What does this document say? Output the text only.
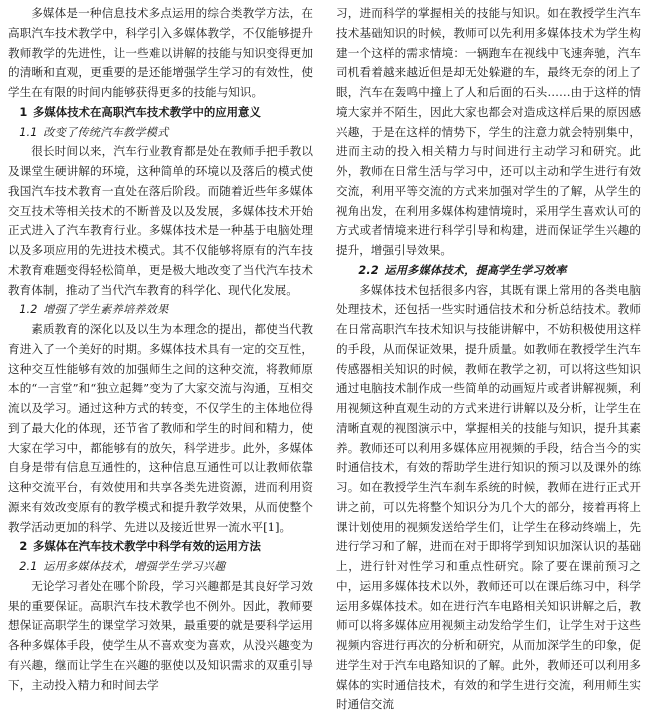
多媒体是一种信息技术多点运用的综合类教学方法，在高职汽车技术教学中，科学引入多媒体教学，不仅能够提升教师教学的先进性，让一些难以讲解的技能与知识变得更加的清晰和直观，更重要的是还能增强学生学习的有效性，使学生在有限的时间内能够获得更多的技能与知识。

1 多媒体技术在高职汽车技术教学中的应用意义
1.1 改变了传统汽车教学模式

很长时间以来，汽车行业教育都是处在教师手把手教以及课堂生硬讲解的环境，这种简单的环境以及落后的模式使我国汽车技术教育一直处在落后阶段。而随着近些年多媒体交互技术等相关技术的不断普及以及发展，多媒体技术开始正式进入了汽车教育行业。多媒体技术是一种基于电脑处理以及多项应用的先进技术模式。其不仅能够将原有的汽车技术教育难题变得轻松简单，更是极大地改变了当代汽车技术教育体制，推动了当代汽车教育的科学化、现代化发展。

1.2 增强了学生素养培养效果

素质教育的深化以及以生为本理念的提出，都使当代教育进入了一个美好的时期。多媒体技术具有一定的交互性，这种交互性能够有效的加强师生之间的这种交流，将教师原本的“一言堂”和“独立起舞”变为了大家交流与沟通，互相交流以及学习。通过这种方式的转变，不仅学生的主体地位得到了最大化的体现，还节省了教师和学生的时间和精力，使大家在学习中，都能够有的放矢，科学进步。此外，多媒体自身是带有信息互通性的，这种信息互通性可以让教师依靠这种交流平台，有效使用和共享各类先进资源，进而利用资源来有效改变原有的教学模式和提升教学效果，从而使整个教学活动更加的科学、先进以及接近世界一流水平[1]。

2 多媒体在汽车技术教学中科学有效的运用方法
2.1 运用多媒体技术，增强学生学习兴趣

无论学习者处在哪个阶段，学习兴趣都是其良好学习效果的重要保证。高职汽车技术教学也不例外。因此，教师要想保证高职学生的课堂学习效果，最重要的就是要科学运用各种多媒体手段，使学生从不喜欢变为喜欢，从没兴趣变为有兴趣，继而让学生在兴趣的驱使以及知识需求的双重引导下，主动投入精力和时间去学

习，进而科学的掌握相关的技能与知识。如在教授学生汽车技术基础知识的时候，教师可以先利用多媒体技术为学生构建一个这样的需求情境：一辆跑车在视线中飞速奔驰，汽车司机看着越来越近但是却无处躲避的车，最终无奈的闭上了眼，汽车在轰鸣中撞上了人和后面的石头……由于这样的情境大家并不陌生，因此大家也都会对造成这样后果的原因感兴趣，于是在这样的情势下，学生的注意力就会特别集中，进而主动的投入相关精力与时间进行主动学习和研究。此外，教师在日常生活与学习中，还可以主动和学生进行有效交流，利用平等交流的方式来加强对学生的了解，从学生的视角出发，在利用多媒体构建情境时，采用学生喜欢认可的方式或者情境来进行科学引导和构建，进而保证学生兴趣的提升，增强引导效果。

2.2 运用多媒体技术，提高学生学习效率

多媒体技术包括很多内容，其既有课上常用的各类电脑处理技术，还包括一些实时通信技术和分析总结技术。教师在日常高职汽车技术知识与技能讲解中，不妨积极使用这样的手段，从而保证效果，提升质量。如教师在教授学生汽车传感器相关知识的时候，教师在教学之初，可以将这些知识通过电脑技术制作成一些简单的动画短片或者讲解视频，利用视频这种直观生动的方式来进行讲解以及分析，让学生在清晰直观的视图演示中，掌握相关的技能与知识，提升其素养。教师还可以利用多媒体应用视频的手段，结合当今的实时通信技术，有效的帮助学生进行知识的预习以及课外的练习。如在教授学生汽车刹车系统的时候，教师在进行正式开讲之前，可以先将整个知识分为几个大的部分，接着再将上课计划使用的视频发送给学生们，让学生在移动终端上，先进行学习和了解，进而在对于即将学到知识加深认识的基础上，进行针对性学习和重点性研究。除了要在课前预习之中，运用多媒体技术以外，教师还可以在课后练习中，科学运用多媒体技术。如在进行汽车电路相关知识讲解之后，教师可以将多媒体应用视频主动发给学生们，让学生对于这些视频内容进行再次的分析和研究，从而加深学生的印象，促进学生对于汽车电路知识的了解。此外，教师还可以利用多媒体的实时通信技术，有效的和学生进行交流，利用师生实时通信交流
